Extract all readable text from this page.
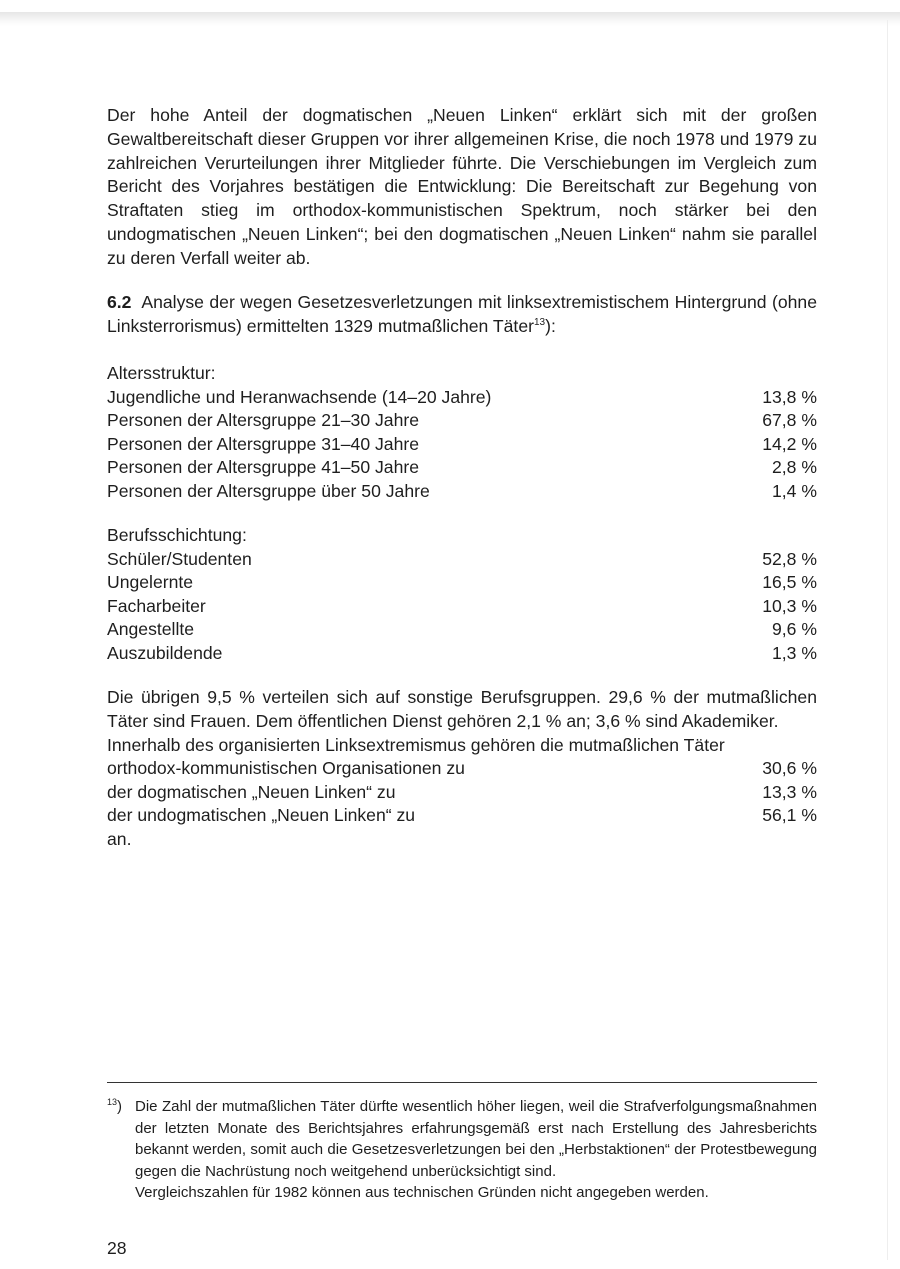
Der hohe Anteil der dogmatischen „Neuen Linken“ erklärt sich mit der großen Gewaltbereitschaft dieser Gruppen vor ihrer allgemeinen Krise, die noch 1978 und 1979 zu zahlreichen Verurteilungen ihrer Mitglieder führte. Die Verschiebungen im Vergleich zum Bericht des Vorjahres bestätigen die Entwicklung: Die Bereitschaft zur Begehung von Straftaten stieg im orthodox-kommunistischen Spektrum, noch stärker bei den undogmatischen „Neuen Linken“; bei den dogmatischen „Neuen Linken“ nahm sie parallel zu deren Verfall weiter ab.

6.2 Analyse der wegen Gesetzesverletzungen mit linksextremistischem Hintergrund (ohne Linksterrorismus) ermittelten 1329 mutmaßlichen Täter$^{13}$):

Altersstruktur:
Jugendliche und Heranwachsende (14–20 Jahre)	13,8 %
Personen der Altersgruppe 21–30 Jahre	67,8 %
Personen der Altersgruppe 31–40 Jahre	14,2 %
Personen der Altersgruppe 41–50 Jahre	2,8 %
Personen der Altersgruppe über 50 Jahre	1,4 %
Berufsschichtung:
Schüler/Studenten	52,8 %
Ungelernte	16,5 %
Facharbeiter	10,3 %
Angestellte	9,6 %
Auszubildende	1,3 %

Die übrigen 9,5 % verteilen sich auf sonstige Berufsgruppen. 29,6 % der mutmaßlichen Täter sind Frauen. Dem öffentlichen Dienst gehören 2,1 % an; 3,6 % sind Akademiker.

Innerhalb des organisierten Linksextremismus gehören die mutmaßlichen Täter
orthodox-kommunistischen Organisationen zu	30,6 %
der dogmatischen „Neuen Linken“ zu	13,3 %
der undogmatischen „Neuen Linken“ zu	56,1 %
an.
$^{13}$) Die Zahl der mutmaßlichen Täter dürfte wesentlich höher liegen, weil die Strafverfolgungsmaßnahmen der letzten Monate des Berichtsjahres erfahrungsgemäß erst nach Erstellung des Jahresberichts bekannt werden, somit auch die Gesetzesverletzungen bei den „Herbstaktionen“ der Protestbewegung gegen die Nachrüstung noch weitgehend unberücksichtigt sind.
Vergleichszahlen für 1982 können aus technischen Gründen nicht angegeben werden.
28
